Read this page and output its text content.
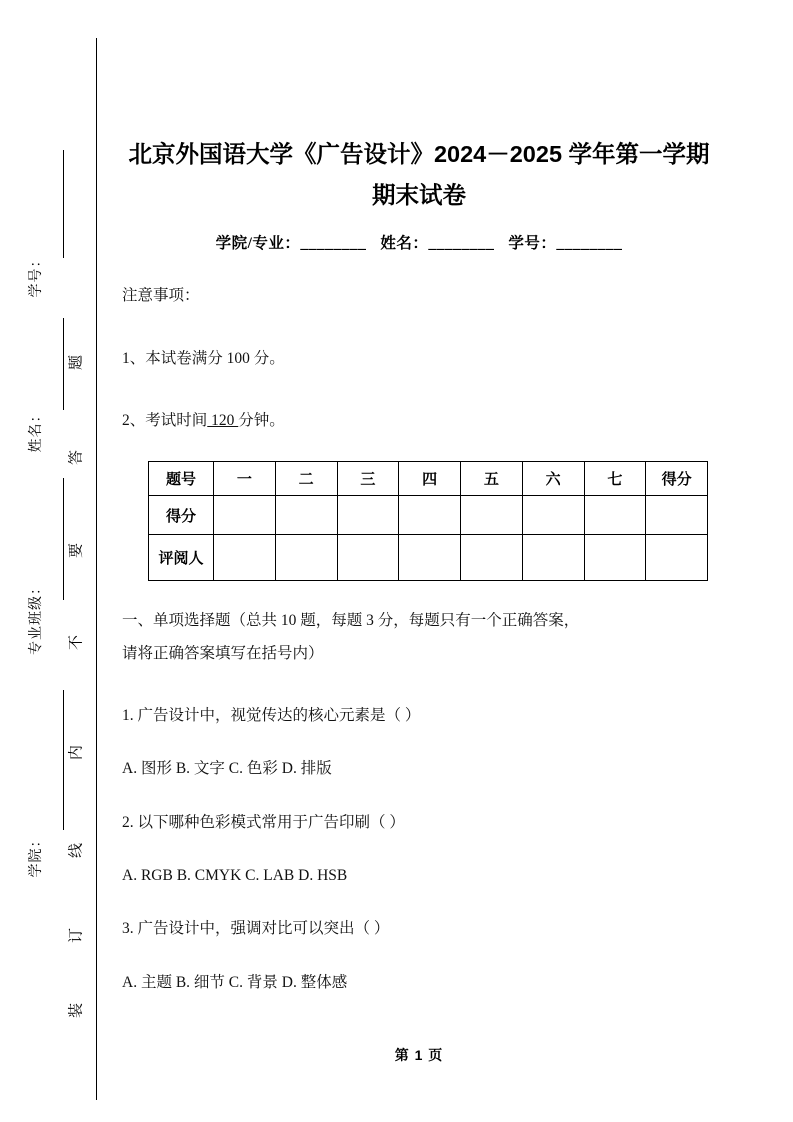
学号：
姓名：
专业班级：
学院：
题
答
要
不
内
线
订
装
北京外国语大学《广告设计》2024－2025 学年第一学期期末试卷
学院/专业：________ 姓名：________ 学号：________
注意事项：
1、本试卷满分 100 分。
2、考试时间 120 分钟。
题号	一	二	三	四	五	六	七	得分
得分								
评阅人								
一、单项选择题（总共 10 题，每题 3 分，每题只有一个正确答案，
请将正确答案填写在括号内）
1. 广告设计中，视觉传达的核心元素是（ ）
A. 图形 B. 文字 C. 色彩 D. 排版
2. 以下哪种色彩模式常用于广告印刷（ ）
A. RGB B. CMYK C. LAB D. HSB
3. 广告设计中，强调对比可以突出（ ）
A. 主题 B. 细节 C. 背景 D. 整体感
第 1 页
